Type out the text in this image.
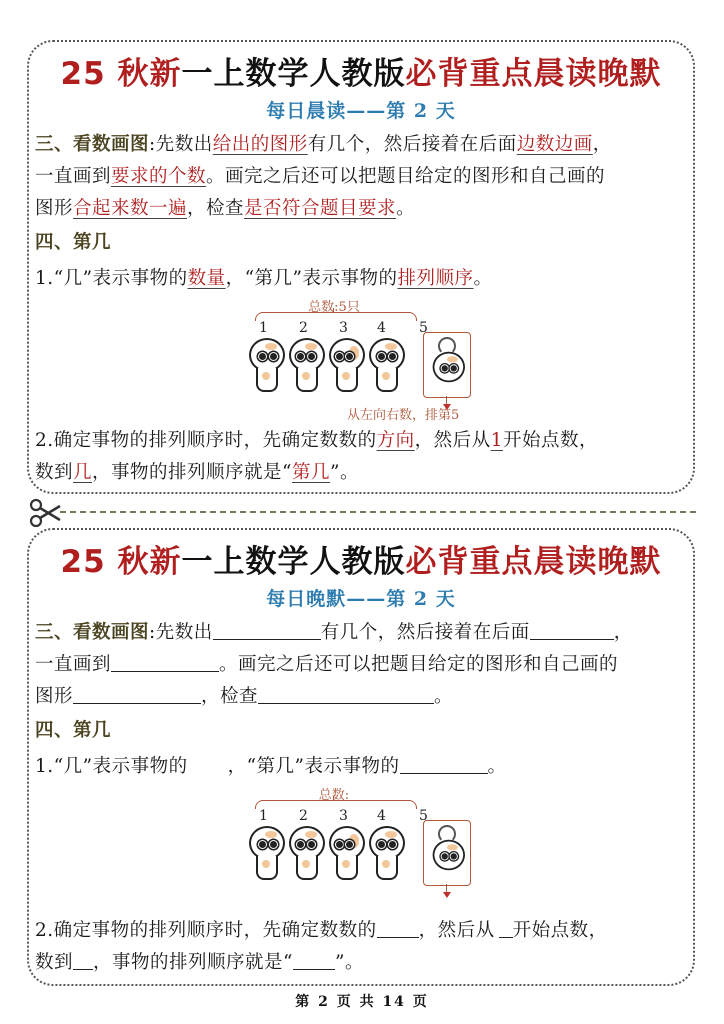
25 秋新一上数学人教版必背重点晨读晚默
每日晨读——第 2 天
三、看数画图:先数出给出的图形有几个，然后接着在后面边数边画，
一直画到要求的个数。画完之后还可以把题目给定的图形和自己画的
图形合起来数一遍，检查是否符合题目要求。
四、第几
1.“几”表示事物的数量，“第几”表示事物的排列顺序。
总数:5只
1 2 3 4 5
从左向右数，排第5
2.确定事物的排列顺序时，先确定数数的方向，然后从1开始点数，
数到几，事物的排列顺序就是“第几”。
25 秋新一上数学人教版必背重点晨读晚默
每日晚默——第 2 天
三、看数画图:先数出	有几个，然后接着在后面	，
一直画到	。画完之后还可以把题目给定的图形和自己画的
图形	，检查	。
四、第几
1.“几”表示事物的 ，“第几”表示事物的	。
总数:
1 2 3 4 5
2.确定事物的排列顺序时，先确定数数的 ，然后从 开始点数，
数到 ，事物的排列顺序就是“ ”。
第 2 页 共 14 页
